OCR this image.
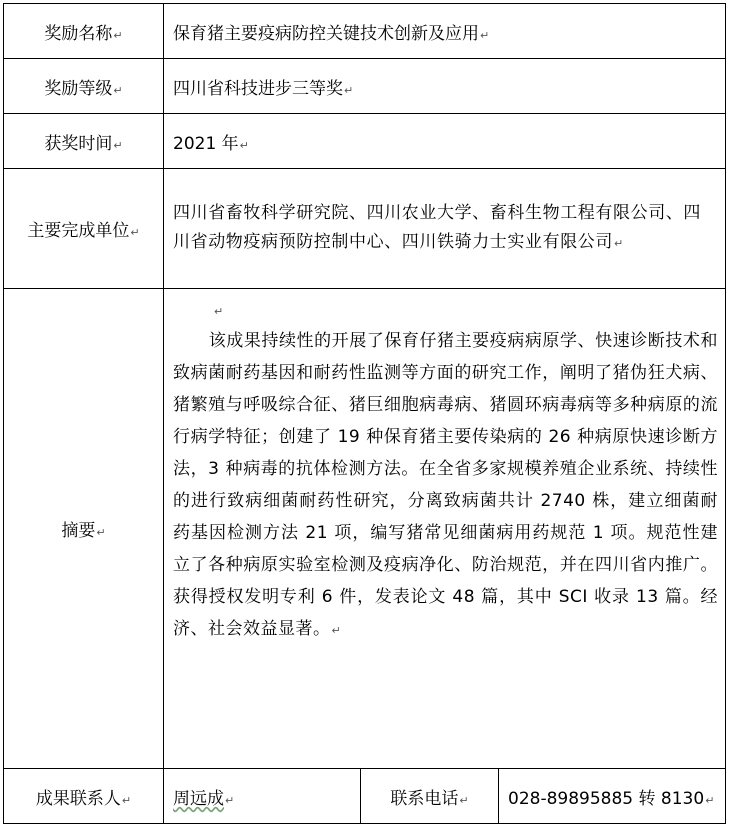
奖励名称↵	保育猪主要疫病防控关键技术创新及应用↵		
奖励等级↵	四川省科技进步三等奖↵		
获奖时间↵	2021 年↵		
主要完成单位↵	四川省畜牧科学研究院、四川农业大学、畜科生物工程有限公司、四川省动物疫病预防控制中心、四川铁骑力士实业有限公司↵		
摘要↵	↵
该成果持续性的开展了保育仔猪主要疫病病原学、快速诊断技术和致病菌耐药基因和耐药性监测等方面的研究工作，阐明了猪伪狂犬病、猪繁殖与呼吸综合征、猪巨细胞病毒病、猪圆环病毒病等多种病原的流行病学特征；创建了 19 种保育猪主要传染病的 26 种病原快速诊断方法，3 种病毒的抗体检测方法。在全省多家规模养殖企业系统、持续性的进行致病细菌耐药性研究，分离致病菌共计 2740 株，建立细菌耐药基因检测方法 21 项，编写猪常见细菌病用药规范 1 项。规范性建立了各种病原实验室检测及疫病净化、防治规范，并在四川省内推广。获得授权发明专利 6 件，发表论文 48 篇，其中 SCI 收录 13 篇。经济、社会效益显著。↵		

成果联系人↵	周远成↵	联系电话↵	028-89895885 转 8130↵
